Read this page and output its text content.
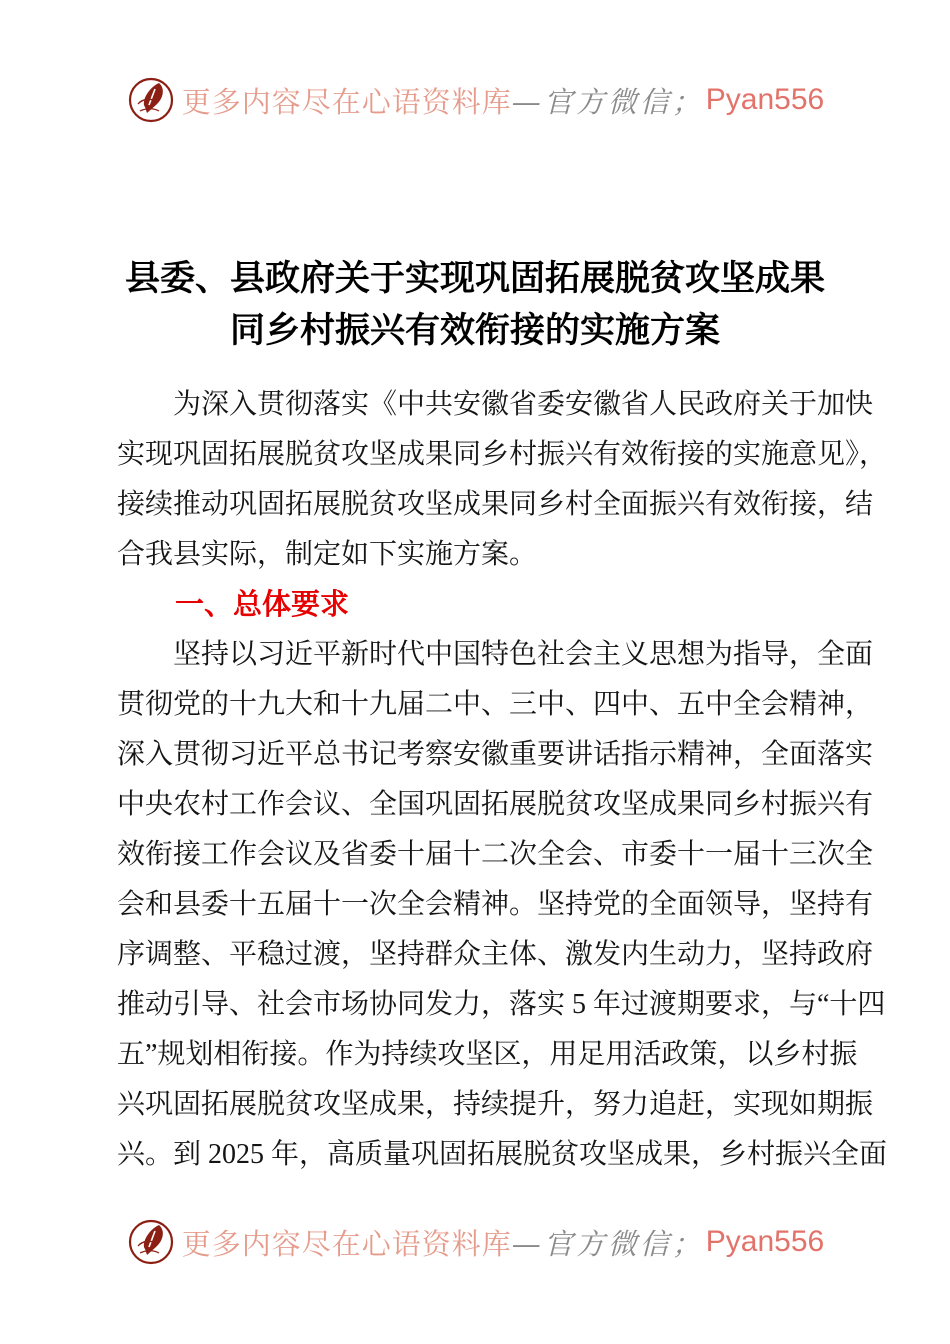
更多内容尽在心语资料库 —官方微信； Pyan556
县委、县政府关于实现巩固拓展脱贫攻坚成果
同乡村振兴有效衔接的实施方案

为深入贯彻落实《中共安徽省委安徽省人民政府关于加快

实现巩固拓展脱贫攻坚成果同乡村振兴有效衔接的实施意见》，

接续推动巩固拓展脱贫攻坚成果同乡村全面振兴有效衔接，结

合我县实际，制定如下实施方案。

一、总体要求

坚持以习近平新时代中国特色社会主义思想为指导，全面

贯彻党的十九大和十九届二中、三中、四中、五中全会精神，

深入贯彻习近平总书记考察安徽重要讲话指示精神，全面落实

中央农村工作会议、全国巩固拓展脱贫攻坚成果同乡村振兴有

效衔接工作会议及省委十届十二次全会、市委十一届十三次全

会和县委十五届十一次全会精神。坚持党的全面领导，坚持有

序调整、平稳过渡，坚持群众主体、激发内生动力，坚持政府

推动引导、社会市场协同发力，落实 5 年过渡期要求，与“十四

五”规划相衔接。作为持续攻坚区，用足用活政策，以乡村振

兴巩固拓展脱贫攻坚成果，持续提升，努力追赶，实现如期振

兴。到 2025 年，高质量巩固拓展脱贫攻坚成果，乡村振兴全面

更多内容尽在心语资料库 —官方微信； Pyan556
